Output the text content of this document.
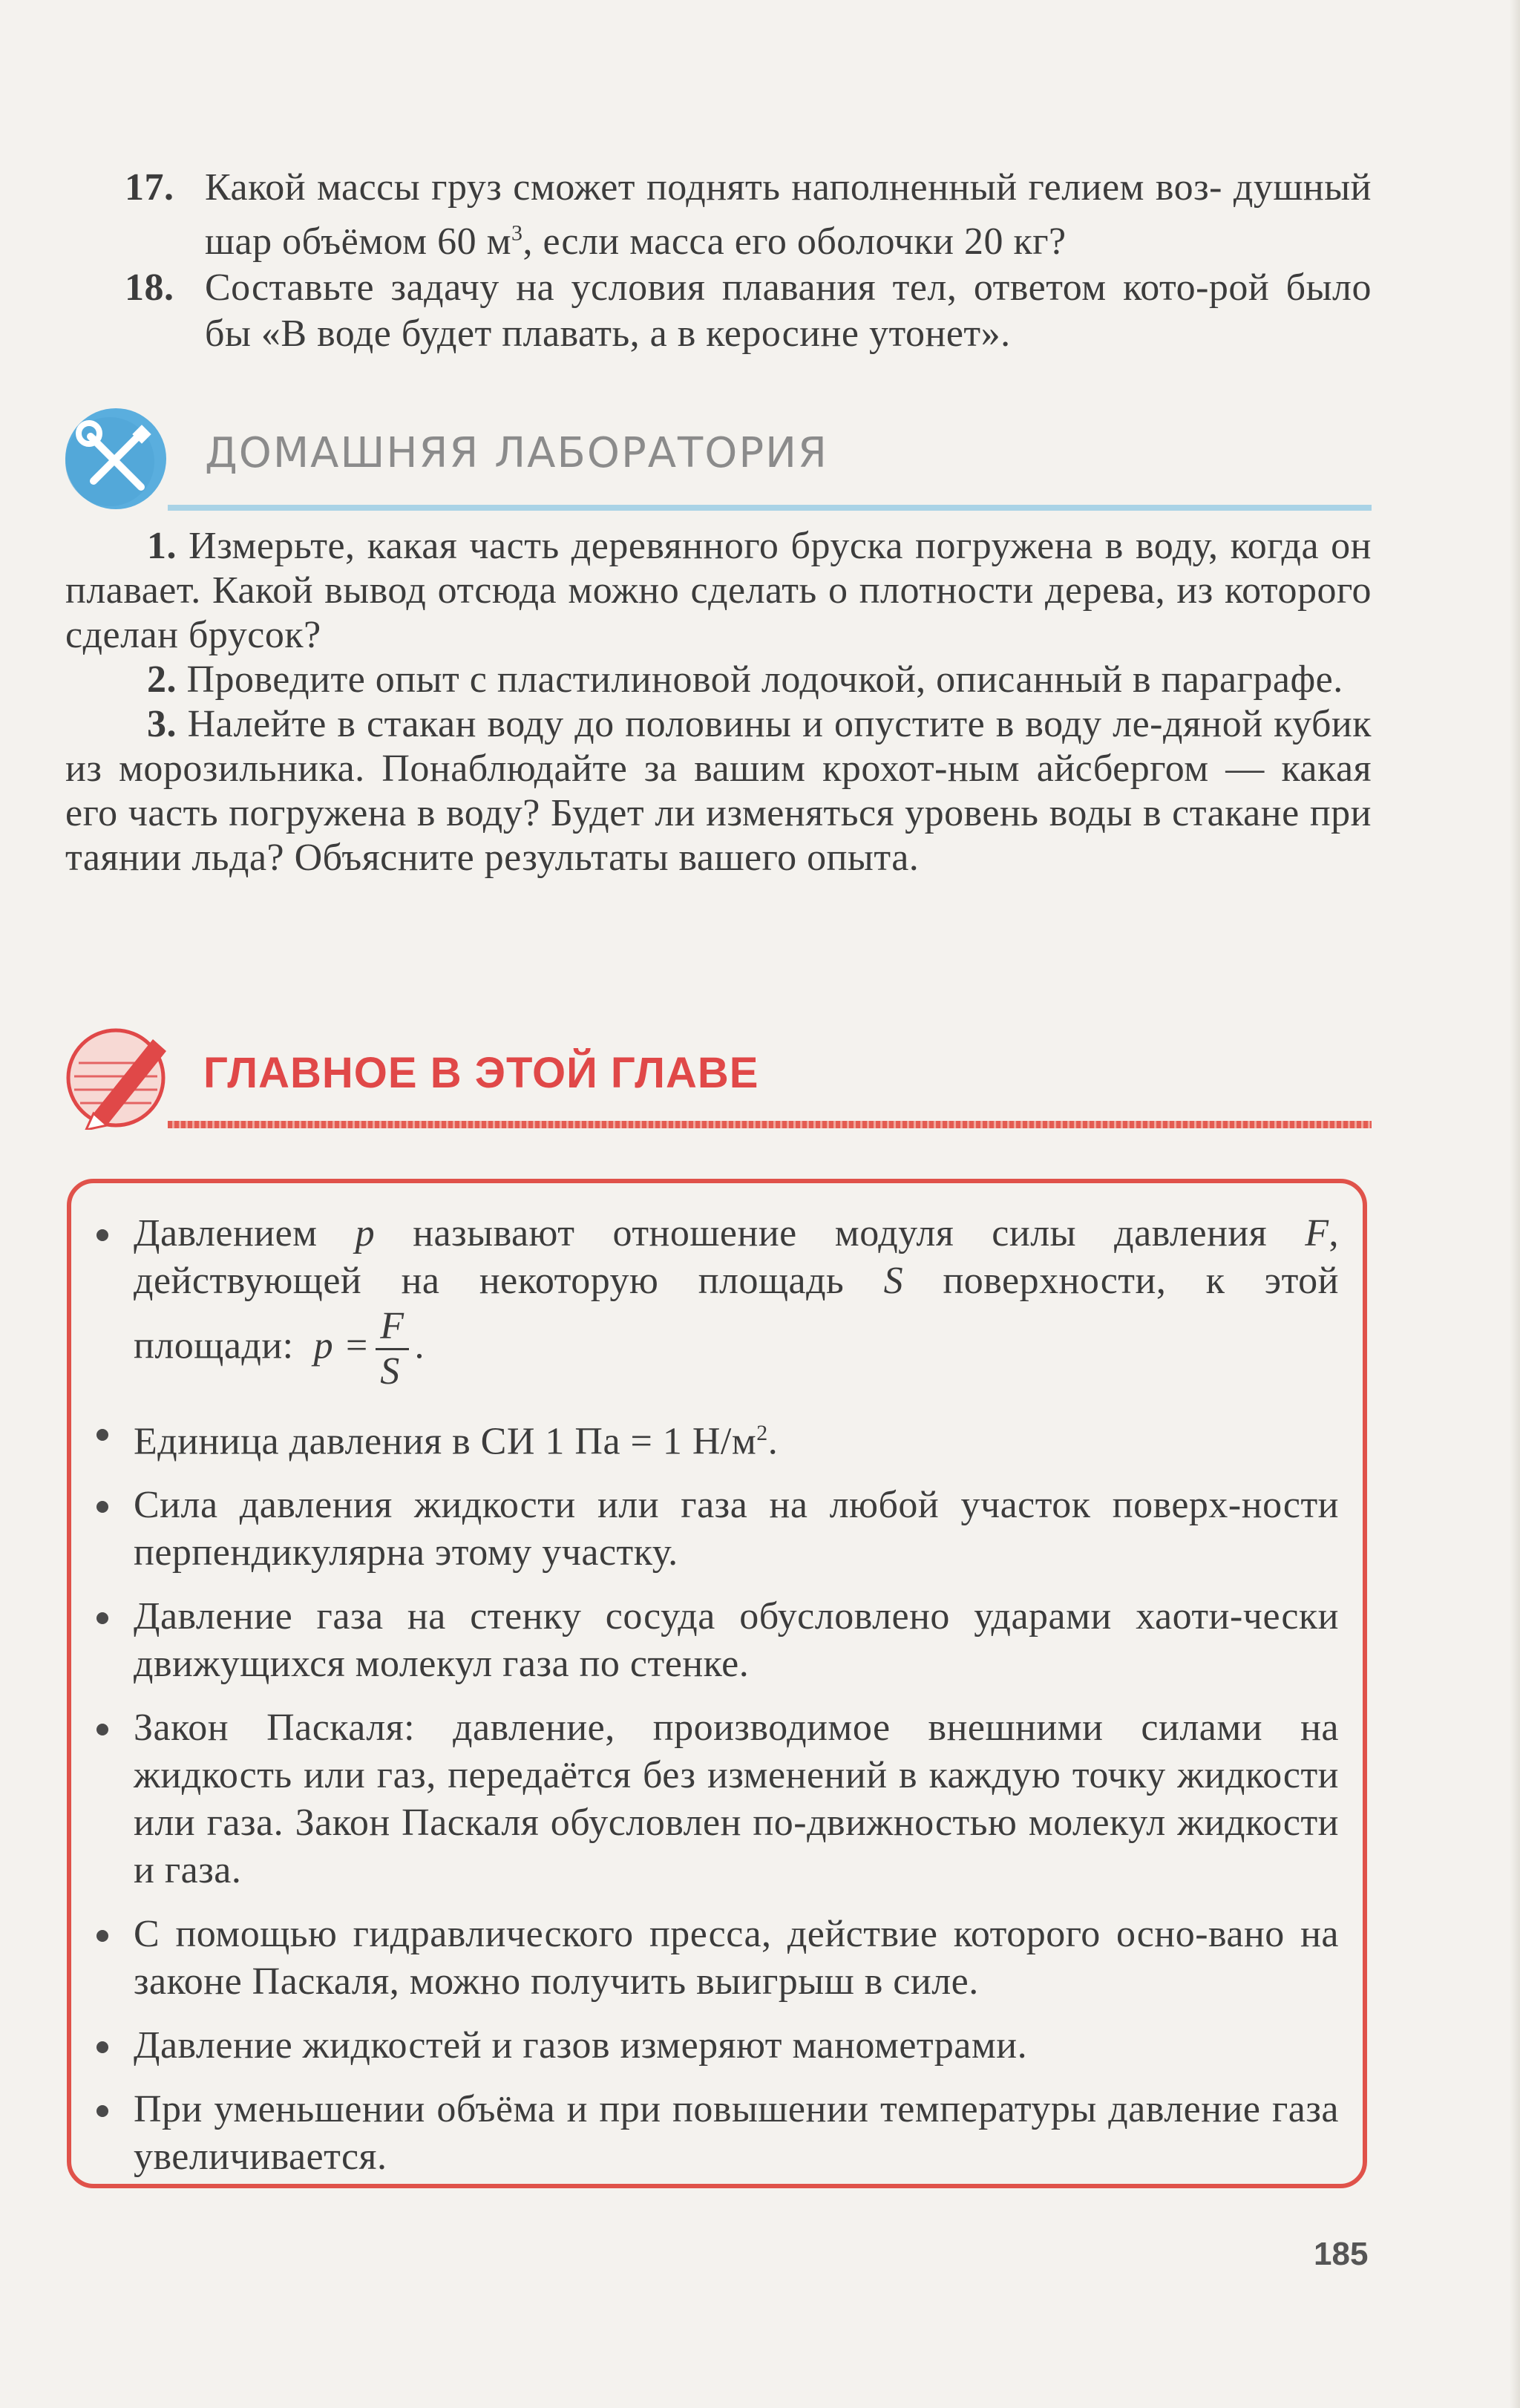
17. Какой массы груз сможет поднять наполненный гелием воз- душный шар объёмом 60 $м^3$, если масса его оболочки 20 кг?
18. Составьте задачу на условия плавания тел, ответом кото-рой было бы «В воде будет плавать, а в керосине утонет».
ДОМАШНЯЯ ЛАБОРАТОРИЯ

1. Измерьте, какая часть деревянного бруска погружена в воду, когда он плавает. Какой вывод отсюда можно сделать о плотности дерева, из которого сделан брусок?

2. Проведите опыт с пластилиновой лодочкой, описанный в параграфе.

3. Налейте в стакан воду до половины и опустите в воду ле-дяной кубик из морозильника. Понаблюдайте за вашим крохот-ным айсбергом — какая его часть погружена в воду? Будет ли изменяться уровень воды в стакане при таянии льда? Объясните результаты вашего опыта.

ГЛАВНОЕ В ЭТОЙ ГЛАВЕ
Давлением p называют отношение модуля силы давления F, действующей на некоторую площадь S поверхности, к этой площади: $p = \frac{F}{S}$ .
Единица давления в СИ 1 Па = 1 $Н/м^2$.
Сила давления жидкости или газа на любой участок поверх-ности перпендикулярна этому участку.
Давление газа на стенку сосуда обусловлено ударами хаоти-чески движущихся молекул газа по стенке.
Закон Паскаля: давление, производимое внешними силами на жидкость или газ, передаётся без изменений в каждую точку жидкости или газа. Закон Паскаля обусловлен по-движностью молекул жидкости и газа.
С помощью гидравлического пресса, действие которого осно-вано на законе Паскаля, можно получить выигрыш в силе.
Давление жидкостей и газов измеряют манометрами.
При уменьшении объёма и при повышении температуры давление газа увеличивается.
185
